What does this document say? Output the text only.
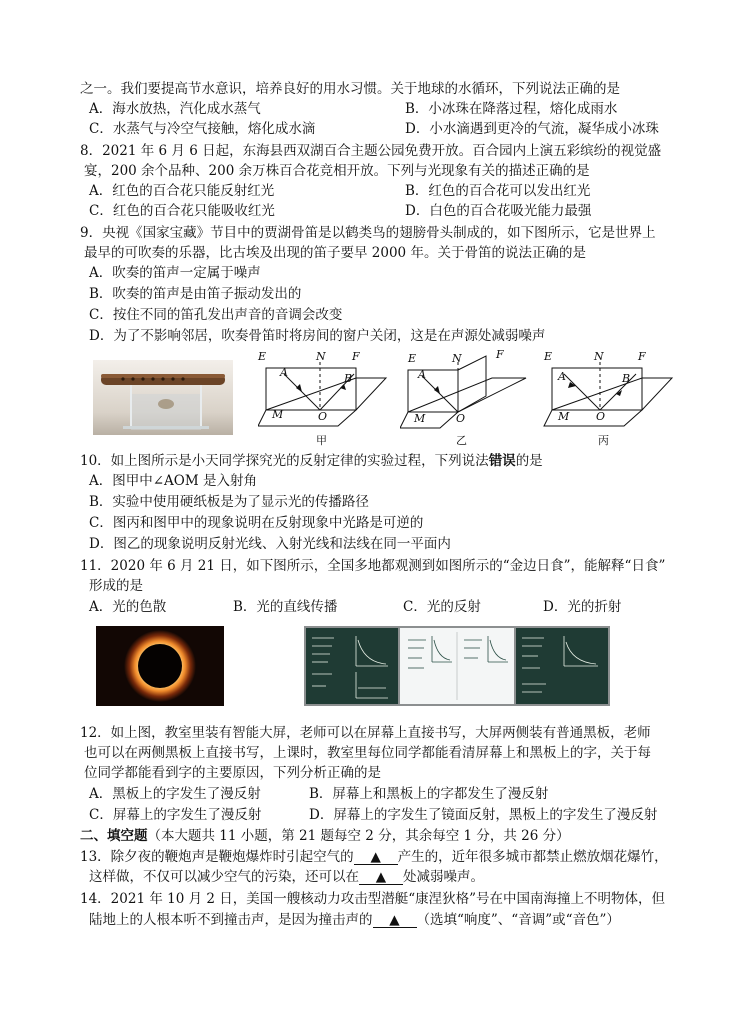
之一。我们要提高节水意识，培养良好的用水习惯。关于地球的水循环，下列说法正确的是
A．海水放热，汽化成水蒸气	B．小冰珠在降落过程，熔化成雨水
C．水蒸气与冷空气接触，熔化成水滴	D．小水滴遇到更冷的气流，凝华成小冰珠
8．2021 年 6 月 6 日起，东海县西双湖百合主题公园免费开放。百合园内上演五彩缤纷的视觉盛
宴，200 余个品种、200 余万株百合花竞相开放。下列与光现象有关的描述正确的是
A．红色的百合花只能反射红光	B．红色的百合花可以发出红光
C．红色的百合花只能吸收红光	D．白色的百合花吸光能力最强
9．央视《国家宝藏》节目中的贾湖骨笛是以鹤类鸟的翅膀骨头制成的，如下图所示，它是世界上
最早的可吹奏的乐器，比古埃及出现的笛子要早 2000 年。关于骨笛的说法正确的是
A．吹奏的笛声一定属于噪声
B．吹奏的笛声是由笛子振动发出的
C．按住不同的笛孔发出声音的音调会改变
D．为了不影响邻居，吹奏骨笛时将房间的窗户关闭，这是在声源处减弱噪声
E	N F
A	B
M	O
甲
E	N	F
A
M	O
乙
E	N	F
A	B
M O
丙
10．如上图所示是小天同学探究光的反射定律的实验过程，下列说法错误的是
A．图甲中∠AOM 是入射角
B．实验中使用硬纸板是为了显示光的传播路径
C．图丙和图甲中的现象说明在反射现象中光路是可逆的
D．图乙的现象说明反射光线、入射光线和法线在同一平面内
11．2020 年 6 月 21 日，如下图所示，全国多地都观测到如图所示的“金边日食”，能解释“日食”
形成的是
A．光的色散	B．光的直线传播	C．光的反射	D．光的折射
12．如上图，教室里装有智能大屏，老师可以在屏幕上直接书写，大屏两侧装有普通黑板，老师
也可以在两侧黑板上直接书写，上课时，教室里每位同学都能看清屏幕上和黑板上的字，关于每
位同学都能看到字的主要原因，下列分析正确的是
A．黑板上的字发生了漫反射	B．屏幕上和黑板上的字都发生了漫反射
C．屏幕上的字发生了漫反射	D．屏幕上的字发生了镜面反射，黑板上的字发生了漫反射
二、填空题（本大题共 11 小题，第 21 题每空 2 分，其余每空 1 分，共 26 分）
13．除夕夜的鞭炮声是鞭炮爆炸时引起空气的 ▲ 产生的，近年很多城市都禁止燃放烟花爆竹，
这样做，不仅可以减少空气的污染，还可以在 ▲ 处减弱噪声。
14．2021 年 10 月 2 日，美国一艘核动力攻击型潜艇“康涅狄格”号在中国南海撞上不明物体，但
陆地上的人根本听不到撞击声，是因为撞击声的 ▲ （选填“响度”、“音调”或“音色”）
